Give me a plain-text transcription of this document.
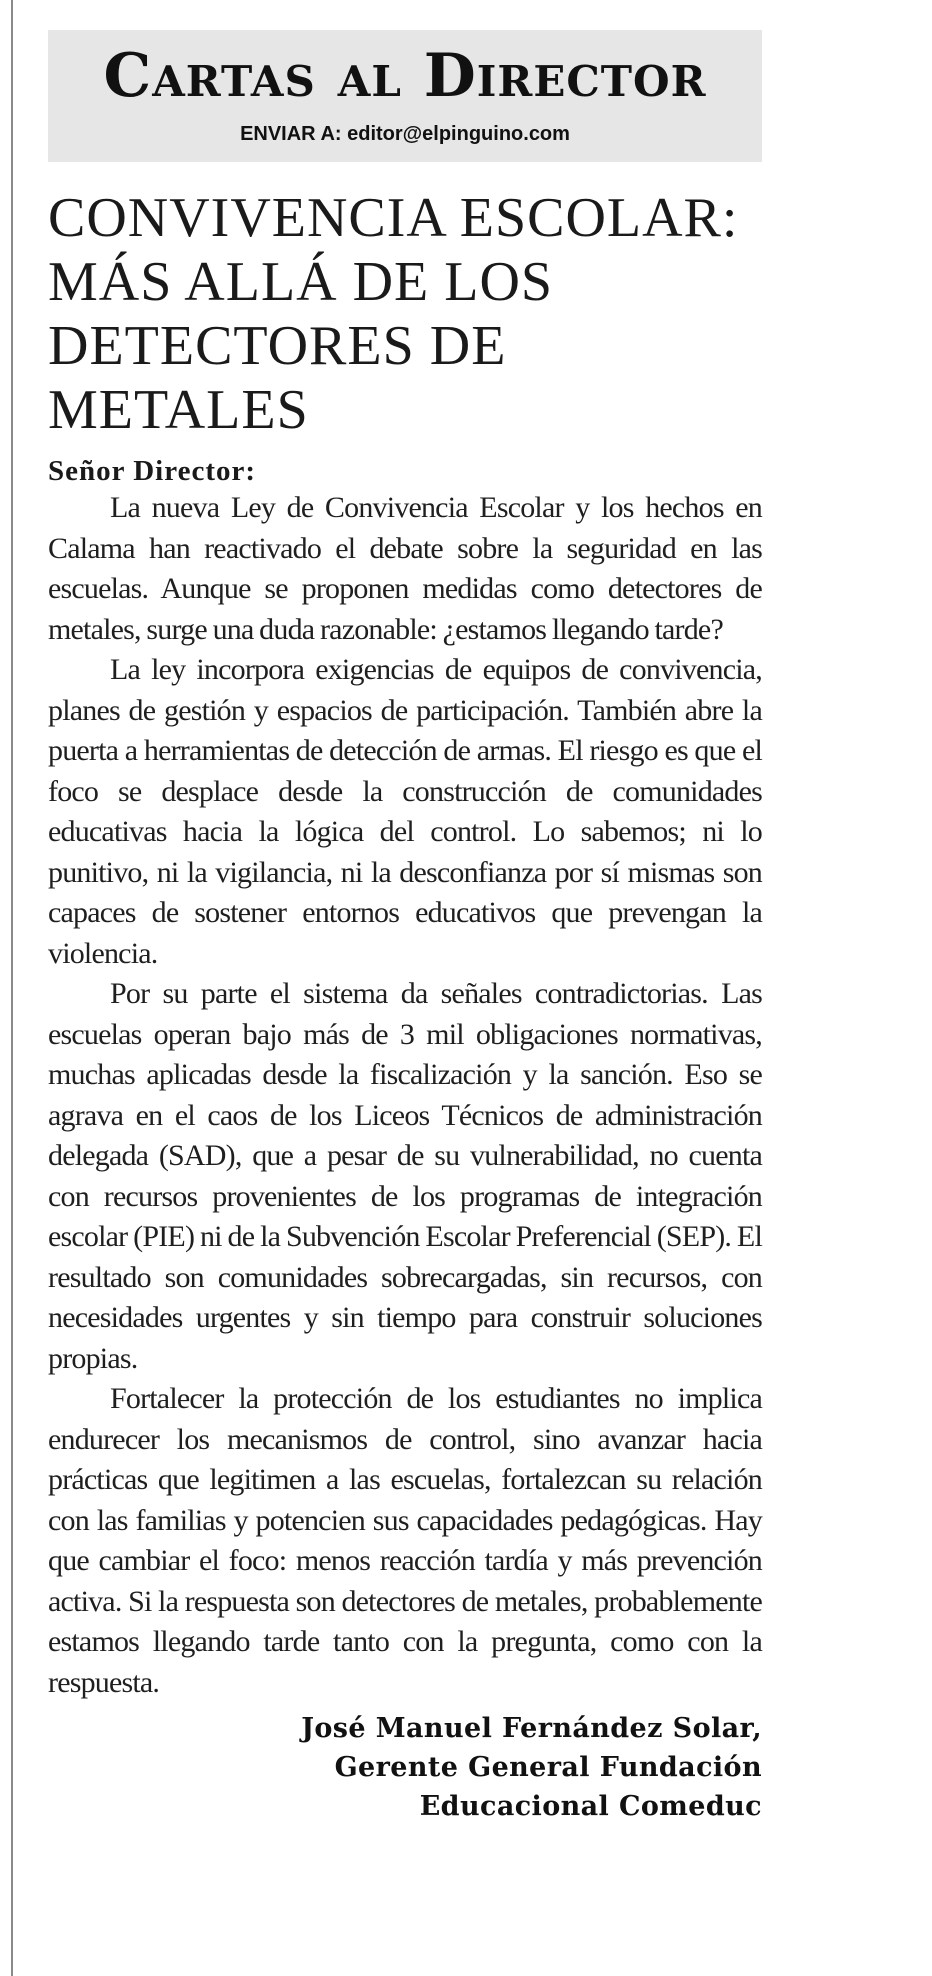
Cartas al Director
ENVIAR A: editor@elpinguino.com
CONVIVENCIA ESCOLAR: MÁS ALLÁ DE LOS DETECTORES DE METALES
Señor Director:

La nueva Ley de Convivencia Escolar y los hechos en Calama han reactivado el debate sobre la seguridad en las escuelas. Aunque se proponen medidas como detectores de metales, surge una duda razonable: ¿estamos llegando tarde?

La ley incorpora exigencias de equipos de convivencia, planes de gestión y espacios de participación. También abre la puerta a herramientas de detección de armas. El riesgo es que el foco se desplace desde la construcción de comunidades educativas hacia la lógica del control. Lo sabemos; ni lo punitivo, ni la vigilancia, ni la desconfianza por sí mismas son capaces de sostener entornos educativos que prevengan la violencia.

Por su parte el sistema da señales contradictorias. Las escuelas operan bajo más de 3 mil obligaciones normativas, muchas aplicadas desde la fiscalización y la sanción. Eso se agrava en el caos de los Liceos Técnicos de administración delegada (SAD), que a pesar de su vulnerabilidad, no cuenta con recursos provenientes de los programas de integración escolar (PIE) ni de la Subvención Escolar Preferencial (SEP). El resultado son comunidades sobrecargadas, sin recursos, con necesidades urgentes y sin tiempo para construir soluciones propias.

Fortalecer la protección de los estudiantes no implica endurecer los mecanismos de control, sino avanzar hacia prácticas que legitimen a las escuelas, fortalezcan su relación con las familias y potencien sus capacidades pedagógicas. Hay que cambiar el foco: menos reacción tardía y más prevención activa. Si la respuesta son detectores de metales, probablemente estamos llegando tarde tanto con la pregunta, como con la respuesta.

José Manuel Fernández Solar,
Gerente General Fundación
Educacional Comeduc
